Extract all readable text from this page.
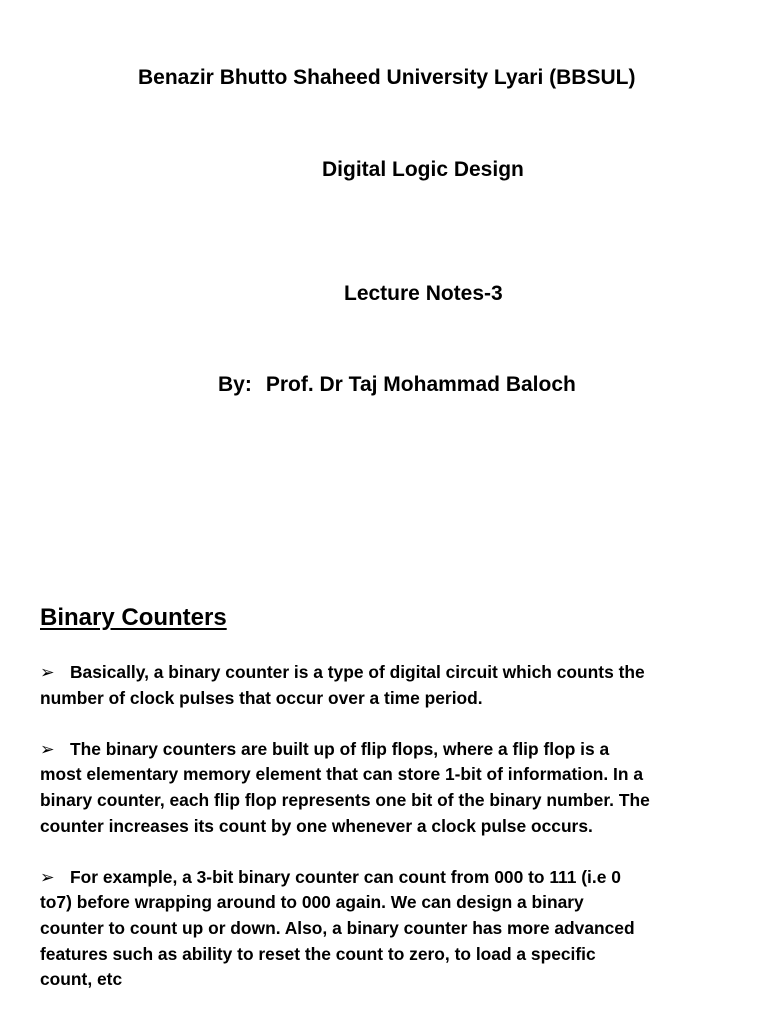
Benazir Bhutto Shaheed University Lyari (BBSUL)
Digital Logic Design
Lecture Notes-3
By: Prof. Dr Taj Mohammad Baloch
Binary Counters

➢ Basically, a binary counter is a type of digital circuit which counts the number of clock pulses that occur over a time period.

➢ The binary counters are built up of flip flops, where a flip flop is a most elementary memory element that can store 1-bit of information. In a binary counter, each flip flop represents one bit of the binary number. The counter increases its count by one whenever a clock pulse occurs.

➢ For example, a 3-bit binary counter can count from 000 to 111 (i.e 0 to7) before wrapping around to 000 again. We can design a binary counter to count up or down. Also, a binary counter has more advanced features such as ability to reset the count to zero, to load a specific count, etc
